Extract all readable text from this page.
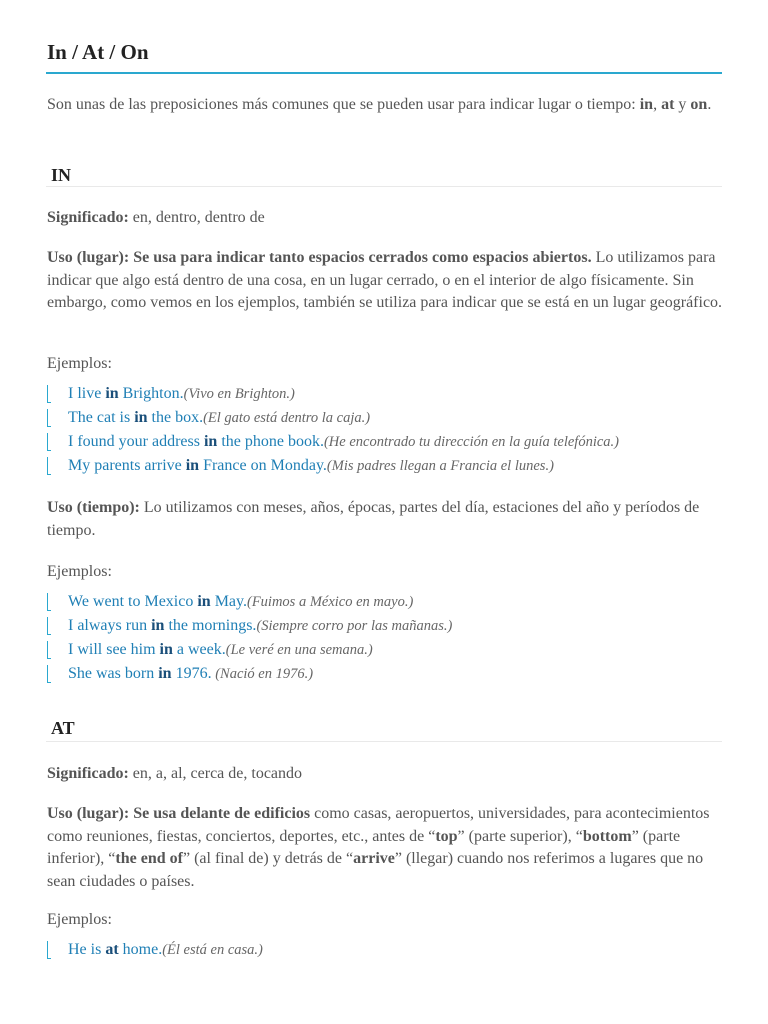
In / At / On

Son unas de las preposiciones más comunes que se pueden usar para indicar lugar o tiempo: in, at y on.

IN

Significado: en, dentro, dentro de

Uso (lugar): Se usa para indicar tanto espacios cerrados como espacios abiertos. Lo utilizamos para indicar que algo está dentro de una cosa, en un lugar cerrado, o en el interior de algo físicamente. Sin embargo, como vemos en los ejemplos, también se utiliza para indicar que se está en un lugar geográfico.

Ejemplos:

I live in Brighton.(Vivo en Brighton.)
The cat is in the box.(El gato está dentro la caja.)
I found your address in the phone book.(He encontrado tu dirección en la guía telefónica.)
My parents arrive in France on Monday.(Mis padres llegan a Francia el lunes.)

Uso (tiempo): Lo utilizamos con meses, años, épocas, partes del día, estaciones del año y períodos de tiempo.

Ejemplos:

We went to Mexico in May.(Fuimos a México en mayo.)
I always run in the mornings.(Siempre corro por las mañanas.)
I will see him in a week.(Le veré en una semana.)
She was born in 1976. (Nació en 1976.)
AT

Significado: en, a, al, cerca de, tocando

Uso (lugar): Se usa delante de edificios como casas, aeropuertos, universidades, para acontecimientos como reuniones, fiestas, conciertos, deportes, etc., antes de “top” (parte superior), “bottom” (parte inferior), “the end of” (al final de) y detrás de “arrive” (llegar) cuando nos referimos a lugares que no sean ciudades o países.

Ejemplos:

He is at home.(Él está en casa.)
